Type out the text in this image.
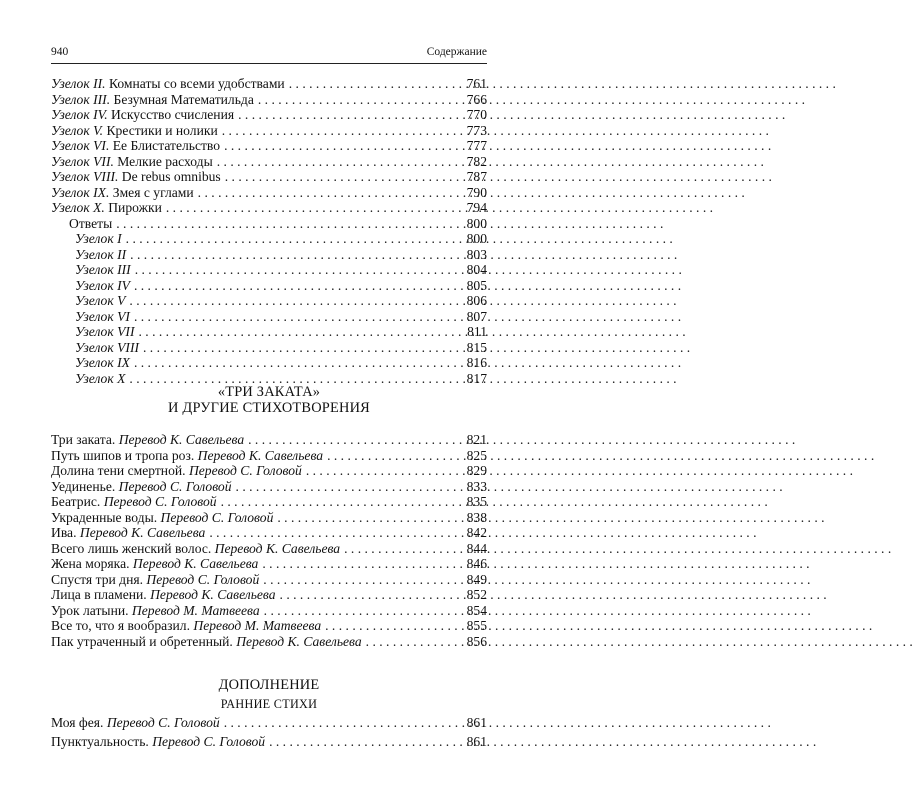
940	Содержание
Узелок II. Комнаты со всеми удобствами . . .	761
Узелок III. Безумная Математильда . . .	766
Узелок IV. Искусство счисления . . .	770
Узелок V. Крестики и нолики . . .	773
Узелок VI. Ее Блистательство . . .	777
Узелок VII. Мелкие расходы . . .	782
Узелок VIII. De rebus omnibus . . .	787
Узелок IX. Змея с углами . . .	790
Узелок X. Пирожки . . .	794
Ответы . . .	800
Узелок I . . .	800
Узелок II . . .	803
Узелок III . . .	804
Узелок IV . . .	805
Узелок V . . .	806
Узелок VI . . .	807
Узелок VII . . .	811
Узелок VIII . . .	815
Узелок IX . . .	816
Узелок X . . .	817
«ТРИ ЗАКАТА»
И ДРУГИЕ СТИХОТВОРЕНИЯ
Три заката. Перевод К. Савельева . . .	821
Путь шипов и тропа роз. Перевод К. Савельева . . .	825
Долина тени смертной. Перевод С. Головой . . .	829
Уединенье. Перевод С. Головой . . .	833
Беатрис. Перевод С. Головой . . .	835
Украденные воды. Перевод С. Головой . . .	838
Ива. Перевод К. Савельева . . .	842
Всего лишь женский волос. Перевод К. Савельева . . .	844
Жена моряка. Перевод К. Савельева . . .	846
Спустя три дня. Перевод С. Головой . . .	849
Лица в пламени. Перевод К. Савельева . . .	852
Урок латыни. Перевод М. Матвеева . . .	854
Все то, что я вообразил. Перевод М. Матвеева . . .	855
Пак утраченный и обретенный. Перевод К. Савельева . . .	856
ДОПОЛНЕНИЕ
РАННИЕ СТИХИ
Моя фея. Перевод С. Головой . . .	861
Пунктуальность. Перевод С. Головой . . .	861
